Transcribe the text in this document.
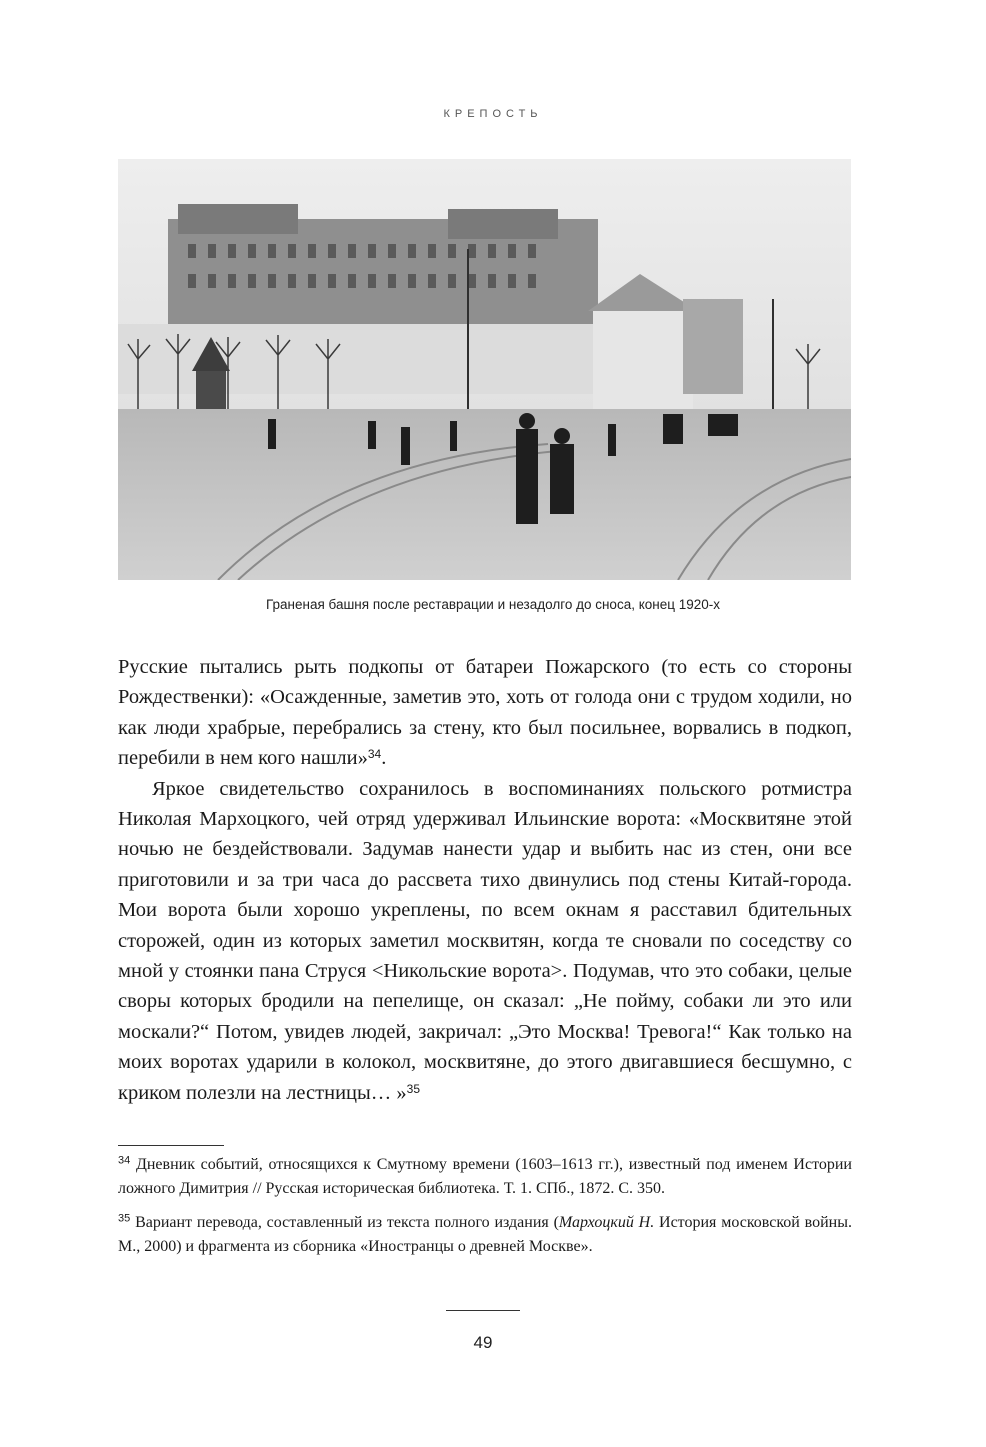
КРЕПОСТЬ
Граненая башня после реставрации и незадолго до сноса, конец 1920-х

Русские пытались рыть подкопы от батареи Пожарского (то есть со стороны Рождественки): «Осажденные, заметив это, хоть от голода они с трудом ходили, но как люди храбрые, перебрались за стену, кто был посильнее, ворвались в подкоп, перебили в нем кого нашли»$^{34}$.

Яркое свидетельство сохранилось в воспоминаниях польского ротмистра Николая Мархоцкого, чей отряд удерживал Ильинские ворота: «Москвитяне этой ночью не бездействовали. Задумав нанести удар и выбить нас из стен, они все приготовили и за три часа до рассвета тихо двинулись под стены Китай-города. Мои ворота были хорошо укреплены, по всем окнам я расставил бдительных сторожей, один из которых заметил москвитян, когда те сновали по соседству со мной у стоянки пана Струся <Никольские ворота>. Подумав, что это собаки, целые своры которых бродили на пепелище, он сказал: „Не пойму, собаки ли это или москали?“ Потом, увидев людей, закричал: „Это Москва! Тревога!“ Как только на моих воротах ударили в колокол, москвитяне, до этого двигавшиеся бесшумно, с криком полезли на лестницы… »$^{35}$

$^{34}$ Дневник событий, относящихся к Смутному времени (1603–1613 гг.), известный под именем Истории ложного Димитрия // Русская историческая библиотека. Т. 1. СПб., 1872. С. 350.

$^{35}$ Вариант перевода, составленный из текста полного издания (Мархоцкий Н. История московской войны. М., 2000) и фрагмента из сборника «Иностранцы о древней Москве».

49
